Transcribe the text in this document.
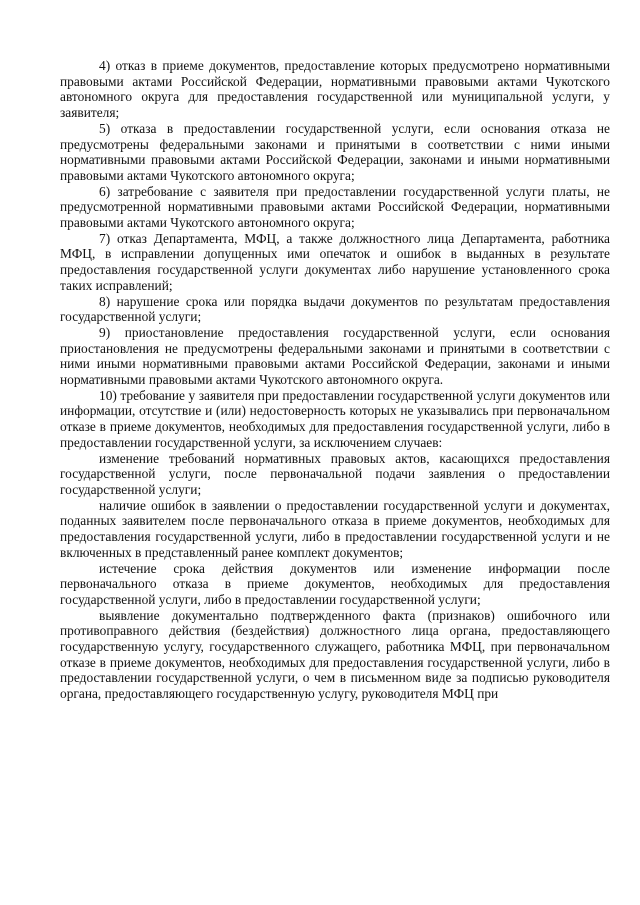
4) отказ в приеме документов, предоставление которых предусмотрено нормативными правовыми актами Российской Федерации, нормативными правовыми актами Чукотского автономного округа для предоставления государственной или муниципальной услуги, у заявителя;

5) отказа в предоставлении государственной услуги, если основания отказа не предусмотрены федеральными законами и принятыми в соответствии с ними иными нормативными правовыми актами Российской Федерации, законами и иными нормативными правовыми актами Чукотского автономного округа;

6) затребование с заявителя при предоставлении государственной услуги платы, не предусмотренной нормативными правовыми актами Российской Федерации, нормативными правовыми актами Чукотского автономного округа;

7) отказ Департамента, МФЦ, а также должностного лица Департамента, работника МФЦ, в исправлении допущенных ими опечаток и ошибок в выданных в результате предоставления государственной услуги документах либо нарушение установленного срока таких исправлений;

8) нарушение срока или порядка выдачи документов по результатам предоставления государственной услуги;

9) приостановление предоставления государственной услуги, если основания приостановления не предусмотрены федеральными законами и принятыми в соответствии с ними иными нормативными правовыми актами Российской Федерации, законами и иными нормативными правовыми актами Чукотского автономного округа.

10) требование у заявителя при предоставлении государственной услуги документов или информации, отсутствие и (или) недостоверность которых не указывались при первоначальном отказе в приеме документов, необходимых для предоставления государственной услуги, либо в предоставлении государственной услуги, за исключением случаев:

изменение требований нормативных правовых актов, касающихся предоставления государственной услуги, после первоначальной подачи заявления о предоставлении государственной услуги;

наличие ошибок в заявлении о предоставлении государственной услуги и документах, поданных заявителем после первоначального отказа в приеме документов, необходимых для предоставления государственной услуги, либо в предоставлении государственной услуги и не включенных в представленный ранее комплект документов;

истечение срока действия документов или изменение информации после первоначального отказа в приеме документов, необходимых для предоставления государственной услуги, либо в предоставлении государственной услуги;

выявление документально подтвержденного факта (признаков) ошибочного или противоправного действия (бездействия) должностного лица органа, предоставляющего государственную услугу, государственного служащего, работника МФЦ, при первоначальном отказе в приеме документов, необходимых для предоставления государственной услуги, либо в предоставлении государственной услуги, о чем в письменном виде за подписью руководителя органа, предоставляющего государственную услугу, руководителя МФЦ при
